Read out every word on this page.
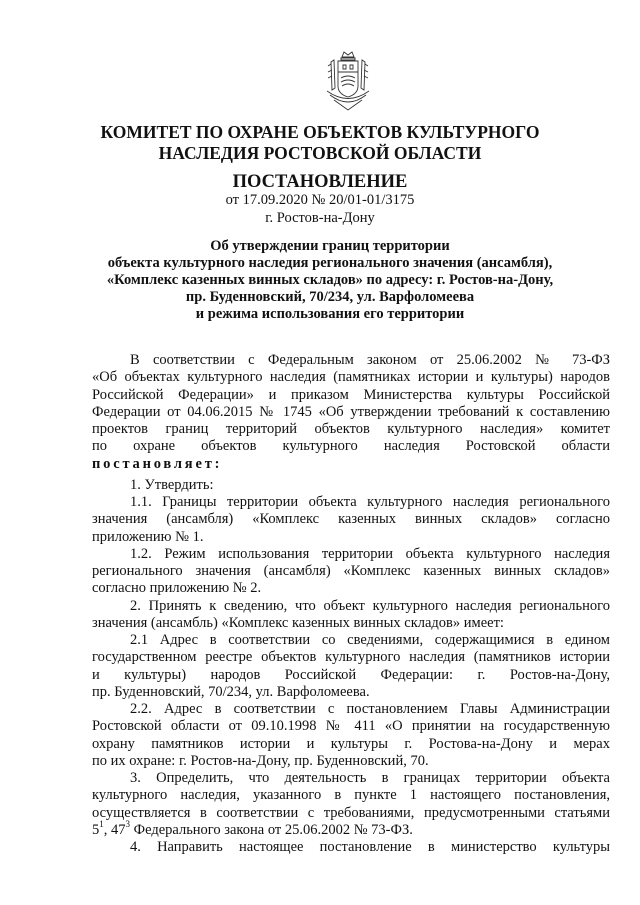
КОМИТЕТ ПО ОХРАНЕ ОБЪЕКТОВ КУЛЬТУРНОГО
НАСЛЕДИЯ РОСТОВСКОЙ ОБЛАСТИ
ПОСТАНОВЛЕНИЕ
от 17.09.2020 № 20/01-01/3175
г. Ростов-на-Дону
Об утверждении границ территории
объекта культурного наследия регионального значения (ансамбля),
«Комплекс казенных винных складов» по адресу: г. Ростов-на-Дону,
пр. Буденновский, 70/234, ул. Варфоломеева
и режима использования его территории
В соответствии с Федеральным законом от 25.06.2002 № 73-ФЗ
«Об объектах культурного наследия (памятниках истории и культуры) народов
Российской Федерации» и приказом Министерства культуры Российской
Федерации от 04.06.2015 № 1745 «Об утверждении требований к составлению
проектов границ территорий объектов культурного наследия» комитет
по охране объектов культурного наследия Ростовской области
постановляет:
1. Утвердить:
1.1. Границы территории объекта культурного наследия регионального
значения (ансамбля) «Комплекс казенных винных складов» согласно
приложению № 1.
1.2. Режим использования территории объекта культурного наследия
регионального значения (ансамбля) «Комплекс казенных винных складов»
согласно приложению № 2.
2. Принять к сведению, что объект культурного наследия регионального
значения (ансамбль) «Комплекс казенных винных складов» имеет:
2.1 Адрес в соответствии со сведениями, содержащимися в едином
государственном реестре объектов культурного наследия (памятников истории
и культуры) народов Российской Федерации: г. Ростов-на-Дону,
пр. Буденновский, 70/234, ул. Варфоломеева.
2.2. Адрес в соответствии с постановлением Главы Администрации
Ростовской области от 09.10.1998 № 411 «О принятии на государственную
охрану памятников истории и культуры г. Ростова-на-Дону и мерах
по их охране: г. Ростов-на-Дону, пр. Буденновский, 70.
3. Определить, что деятельность в границах территории объекта
культурного наследия, указанного в пункте 1 настоящего постановления,
осуществляется в соответствии с требованиями, предусмотренными статьями
$5^1$, $47^3$ Федерального закона от 25.06.2002 № 73-ФЗ.
4. Направить настоящее постановление в министерство культуры
